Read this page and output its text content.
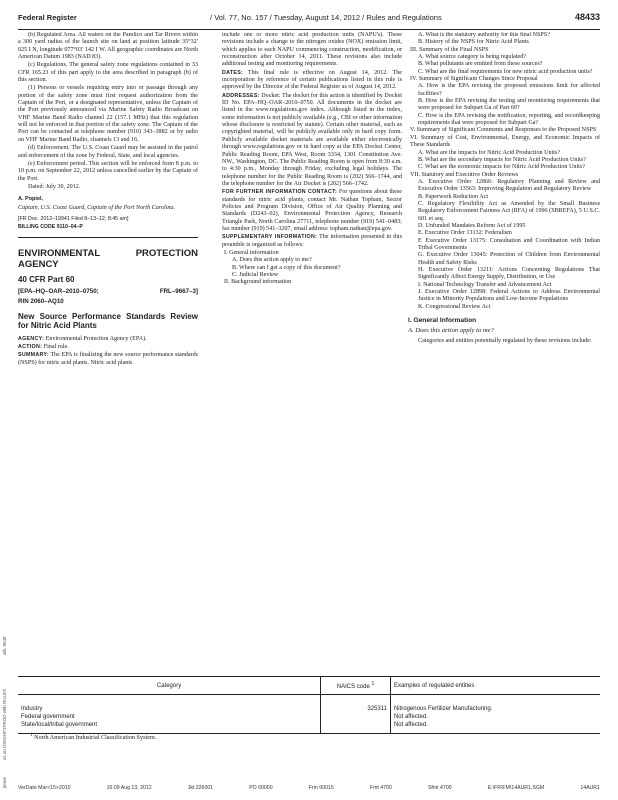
Federal Register	/ Vol. 77, No. 157 / Tuesday, August 14, 2012 / Rules and Regulations	48433

(b) Regulated Area. All waters on the Pamlico and Tar Rivers within a 300 yard radius of the launch site on land at position latitude 35°32′ 025 I N, longitude 077°03′ 142 I W. All geographic coordinates are North American Datum 1983 (NAD 83).

(c) Regulations. The general safety zone regulations contained in 33 CFR 165.23 of this part apply to the area described in paragraph (b) of this section.

(1) Persons or vessels requiring entry into or passage through any portion of the safety zone must first request authorization from the Captain of the Port, or a designated representative, unless the Captain of the Port previously announced via Marine Safety Radio Broadcast on VHF Marine Band Radio channel 22 (157.1 MHz) that this regulation will not be enforced in that portion of the safety zone. The Captain of the Port can be contacted at telephone number (910) 343–3882 or by radio on VHF Marine Band Radio, channels 13 and 16.

(d) Enforcement. The U.S. Coast Guard may be assisted in the patrol and enforcement of the zone by Federal, State, and local agencies.

(e) Enforcement period. This section will be enforced from 8 p.m. to 10 p.m. on September 22, 2012 unless cancelled earlier by the Captain of the Port.

Dated: July 30, 2012.

A. Popiel,

Captain, U.S. Coast Guard, Captain of the Port North Carolina.

[FR Doc. 2012–19941 Filed 8–13–12; 8:45 am]

BILLING CODE 9110–04–P

ENVIRONMENTAL PROTECTION AGENCY
40 CFR Part 60
[EPA–HQ–OAR–2010–0750;	FRL–9667–3]
RIN 2060–AQ10
New Source Performance Standards Review for Nitric Acid Plants

AGENCY: Environmental Protection Agency (EPA).

ACTION: Final rule.

SUMMARY: The EPA is finalizing the new source performance standards (NSPS) for nitric acid plants. Nitric acid plants

include one or more nitric acid production units (NAPU's). These revisions include a change to the nitrogen oxides (NOX) emission limit, which applies to each NAPU commencing construction, modification, or reconstruction after October 14, 2011. These revisions also include additional testing and monitoring requirements.

DATES: This final rule is effective on August 14, 2012. The incorporation by reference of certain publications listed in this rule is approved by the Director of the Federal Register as of August 14, 2012.

ADDRESSES: Docket: The docket for this action is identified by Docket ID No. EPA–HQ–OAR–2010–0750. All documents in the docket are listed in the www.regulations.gov index. Although listed in the index, some information is not publicly available (e.g., CBI or other information whose disclosure is restricted by statute). Certain other material, such as copyrighted material, will be publicly available only in hard copy form. Publicly available docket materials are available either electronically through www.regulations.gov or in hard copy at the EPA Docket Center, Public Reading Room, EPA West, Room 3334, 1301 Constitution Ave. NW., Washington, DC. The Public Reading Room is open from 8:30 a.m. to 4:30 p.m., Monday through Friday, excluding legal holidays. The telephone number for the Public Reading Room is (202) 566–1744, and the telephone number for the Air Docket is (202) 566–1742.

FOR FURTHER INFORMATION CONTACT: For questions about these standards for nitric acid plants, contact Mr. Nathan Topham, Sector Policies and Program Division, Office of Air Quality Planning and Standards (D243–02), Environmental Protection Agency, Research Triangle Park, North Carolina 27711, telephone number (919) 541–0483; fax number (919) 541–3207, email address: topham.nathan@epa.gov.

SUPPLEMENTARY INFORMATION: The information presented in this preamble is organized as follows:

I. General information
A. Does this action apply to me?
B. Where can I get a copy of this document?
C. Judicial Review
II. Background information
A. What is the statutory authority for this final NSPS?
B. History of the NSPS for Nitric Acid Plants
III. Summary of the Final NSPS
A. What source category is being regulated?
B. What pollutants are emitted from these sources?
C. What are the final requirements for new nitric acid production units?
IV. Summary of Significant Changes Since Proposal
A. How is the EPA revising the proposed emissions limit for affected facilities?
B. How is the EPA revising the testing and monitoring requirements that were proposed for Subpart Ga of Part 60?
C. How is the EPA revising the notification, reporting, and recordkeeping requirements that were proposed for Subpart Ga?
V. Summary of Significant Comments and Responses to the Proposed NSPS
VI. Summary of Cost, Environmental, Energy, and Economic Impacts of These Standards
A. What are the impacts for Nitric Acid Production Units?
B. What are the secondary impacts for Nitric Acid Production Units?
C. What are the economic impacts for Nitric Acid Production Units?
VII. Statutory and Executive Order Reviews
A. Executive Order 12866: Regulatory Planning and Review and Executive Order 13563: Improving Regulation and Regulatory Review
B. Paperwork Reduction Act
C. Regulatory Flexibility Act as Amended by the Small Business Regulatory Enforcement Fairness Act (RFA) of 1996 (SBREFA), 5 U.S.C. 601 et seq.
D. Unfunded Mandates Reform Act of 1995
E. Executive Order 13132: Federalism
F. Executive Order 13175: Consultation and Coordination with Indian Tribal Governments
G. Executive Order 13045: Protection of Children from Environmental Health and Safety Risks
H. Executive Order 13211: Actions Concerning Regulations That Significantly Affect Energy Supply, Distribution, or Use
I. National Technology Transfer and Advancement Act
J. Executive Order 12898: Federal Actions to Address Environmental Justice in Minority Populations and Low-Income Populations
K. Congressional Review Act
I. General Information
A. Does this action apply to me?

Categories and entities potentially regulated by these revisions include:

Category	NAICS code $^1$	Examples of regulated entities
Industry	325311	Nitrogenous Fertilizer Manufacturing.
Federal government		Not affected.
State/local/tribal government		Not affected.
$^1$ North American Industrial Classification System.
alh. 8548
zs on DSK5HP1PROD with RULES
jenne VerDate Mar<15>2010	16:09 Aug 13, 2012	Jkt 226001	PO 00000	Frm 00015	Fmt 4700	Sfmt 4700	E:\FR\FM\14AUR1.SGM	14AUR1
